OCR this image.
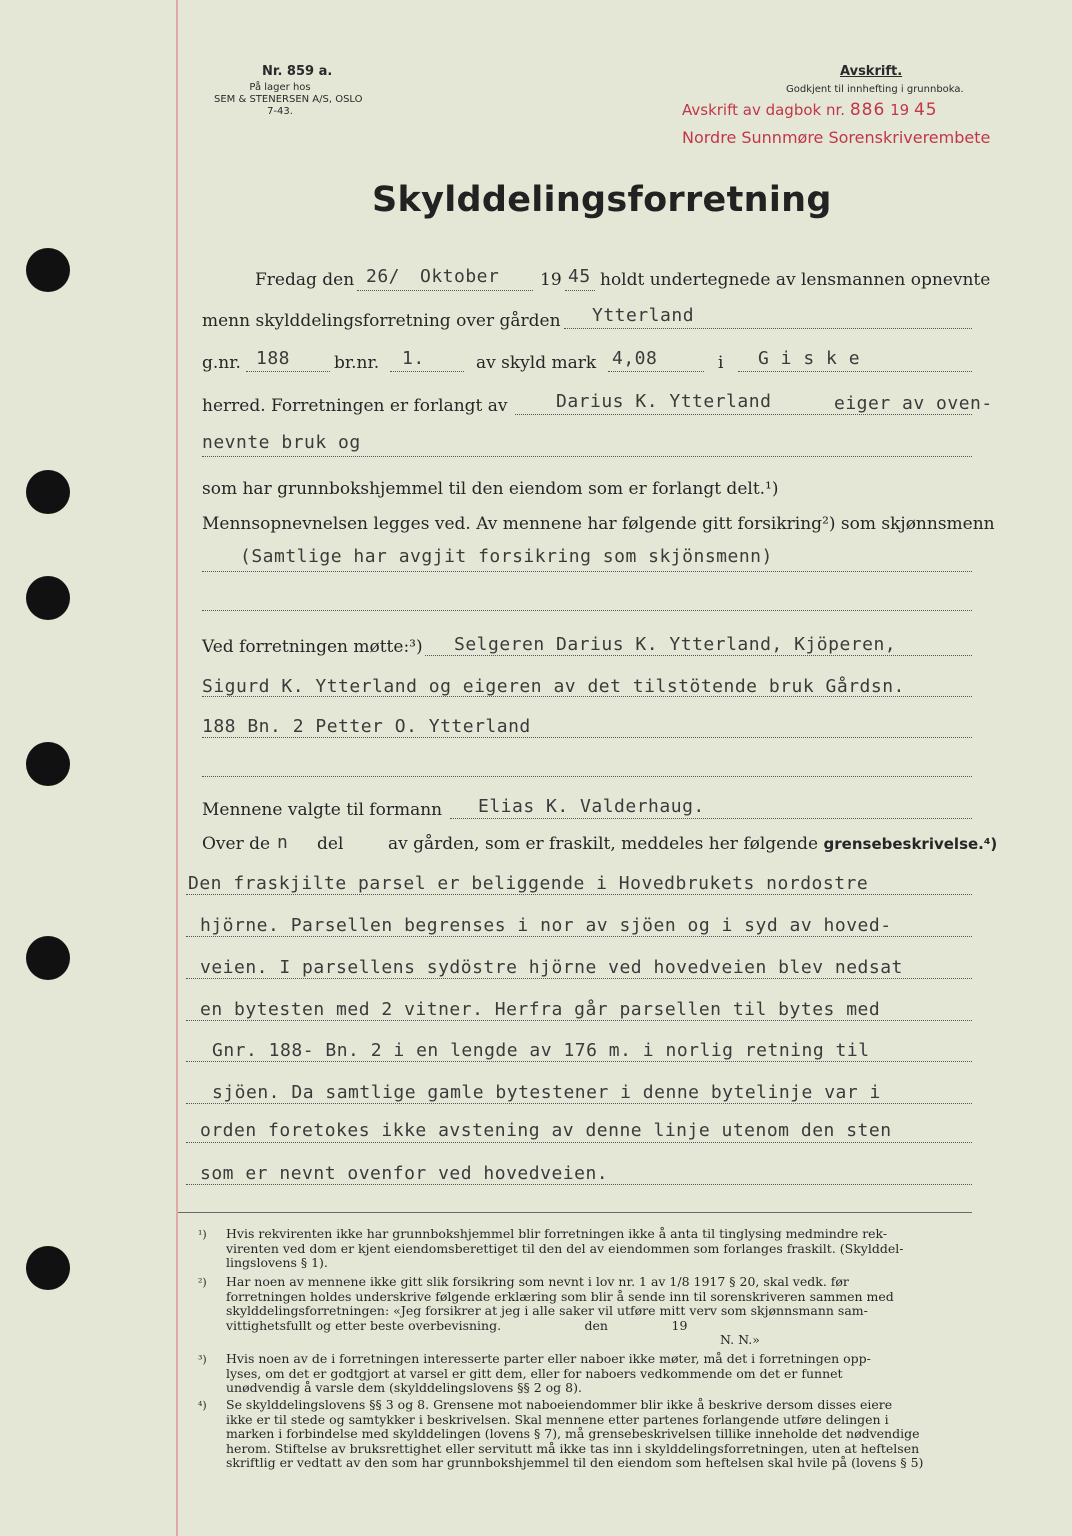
Nr. 859 a.
På lager hos
SEM & STENERSEN A/S, OSLO
7-43.
Avskrift.
Godkjent til innhefting i grunnboka.
Avskrift av dagbok nr. 886 19 45
Nordre Sunnmøre Sorenskriverembete
Skylddelingsforretning
Fredag den 26/ Oktober 19 45 holdt undertegnede av lensmannen opnevnte
menn skylddelingsforretning over gården Ytterland
g.nr. 188	br.nr. 1.	av skyld mark 4,08	i G i s k e
herred. Forretningen er forlangt av	Darius K. Ytterland	eiger av oven-
nevnte bruk og
som har grunnbokshjemmel til den eiendom som er forlangt delt.¹)
Mennsopnevnelsen legges ved. Av mennene har følgende gitt forsikring²) som skjønnsmenn
(Samtlige har avgjit forsikring som skjönsmenn)
Ved forretningen møtte:³) Selgeren Darius K. Ytterland, Kjöperen,
Sigurd K. Ytterland og eigeren av det tilstötende bruk Gårdsn.
188 Bn. 2 Petter O. Ytterland
Mennene valgte til formann Elias K. Valderhaug.
Over de n del	av gården, som er fraskilt, meddeles her følgende grensebeskrivelse.⁴)
Den fraskjilte parsel er beliggende i Hovedbrukets nordostre
hjörne. Parsellen begrenses i nor av sjöen og i syd av hoved-
veien. I parsellens sydöstre hjörne ved hovedveien blev nedsat
en bytesten med 2 vitner. Herfra går parsellen til bytes med
Gnr. 188- Bn. 2 i en lengde av 176 m. i norlig retning til
sjöen. Da samtlige gamle bytestener i denne bytelinje var i
orden foretokes ikke avstening av denne linje utenom den sten
som er nevnt ovenfor ved hovedveien.
¹) Hvis rekvirenten ikke har grunnbokshjemmel blir forretningen ikke å anta til tinglysing medmindre rek-
virenten ved dom er kjent eiendomsberettiget til den del av eiendommen som forlanges fraskilt. (Skylddel-
lingslovens § 1).
²) Har noen av mennene ikke gitt slik forsikring som nevnt i lov nr. 1 av 1/8 1917 § 20, skal vedk. før
forretningen holdes underskrive følgende erklæring som blir å sende inn til sorenskriveren sammen med
skylddelingsforretningen: «Jeg forsikrer at jeg i alle saker vil utføre mitt verv som skjønnsmann sam-
vittighetsfullt og etter beste overbevisning.                     den                19
N. N.»
³) Hvis noen av de i forretningen interesserte parter eller naboer ikke møter, må det i forretningen opp-
lyses, om det er godtgjort at varsel er gitt dem, eller for naboers vedkommende om det er funnet
unødvendig å varsle dem (skylddelingslovens §§ 2 og 8).
⁴) Se skylddelingslovens §§ 3 og 8. Grensene mot naboeiendommer blir ikke å beskrive dersom disses eiere
ikke er til stede og samtykker i beskrivelsen. Skal mennene etter partenes forlangende utføre delingen i
marken i forbindelse med skylddelingen (lovens § 7), må grensebeskrivelsen tillike inneholde det nødvendige
herom. Stiftelse av bruksrettighet eller servitutt må ikke tas inn i skylddelingsforretningen, uten at heftelsen
skriftlig er vedtatt av den som har grunnbokshjemmel til den eiendom som heftelsen skal hvile på (lovens § 5)
